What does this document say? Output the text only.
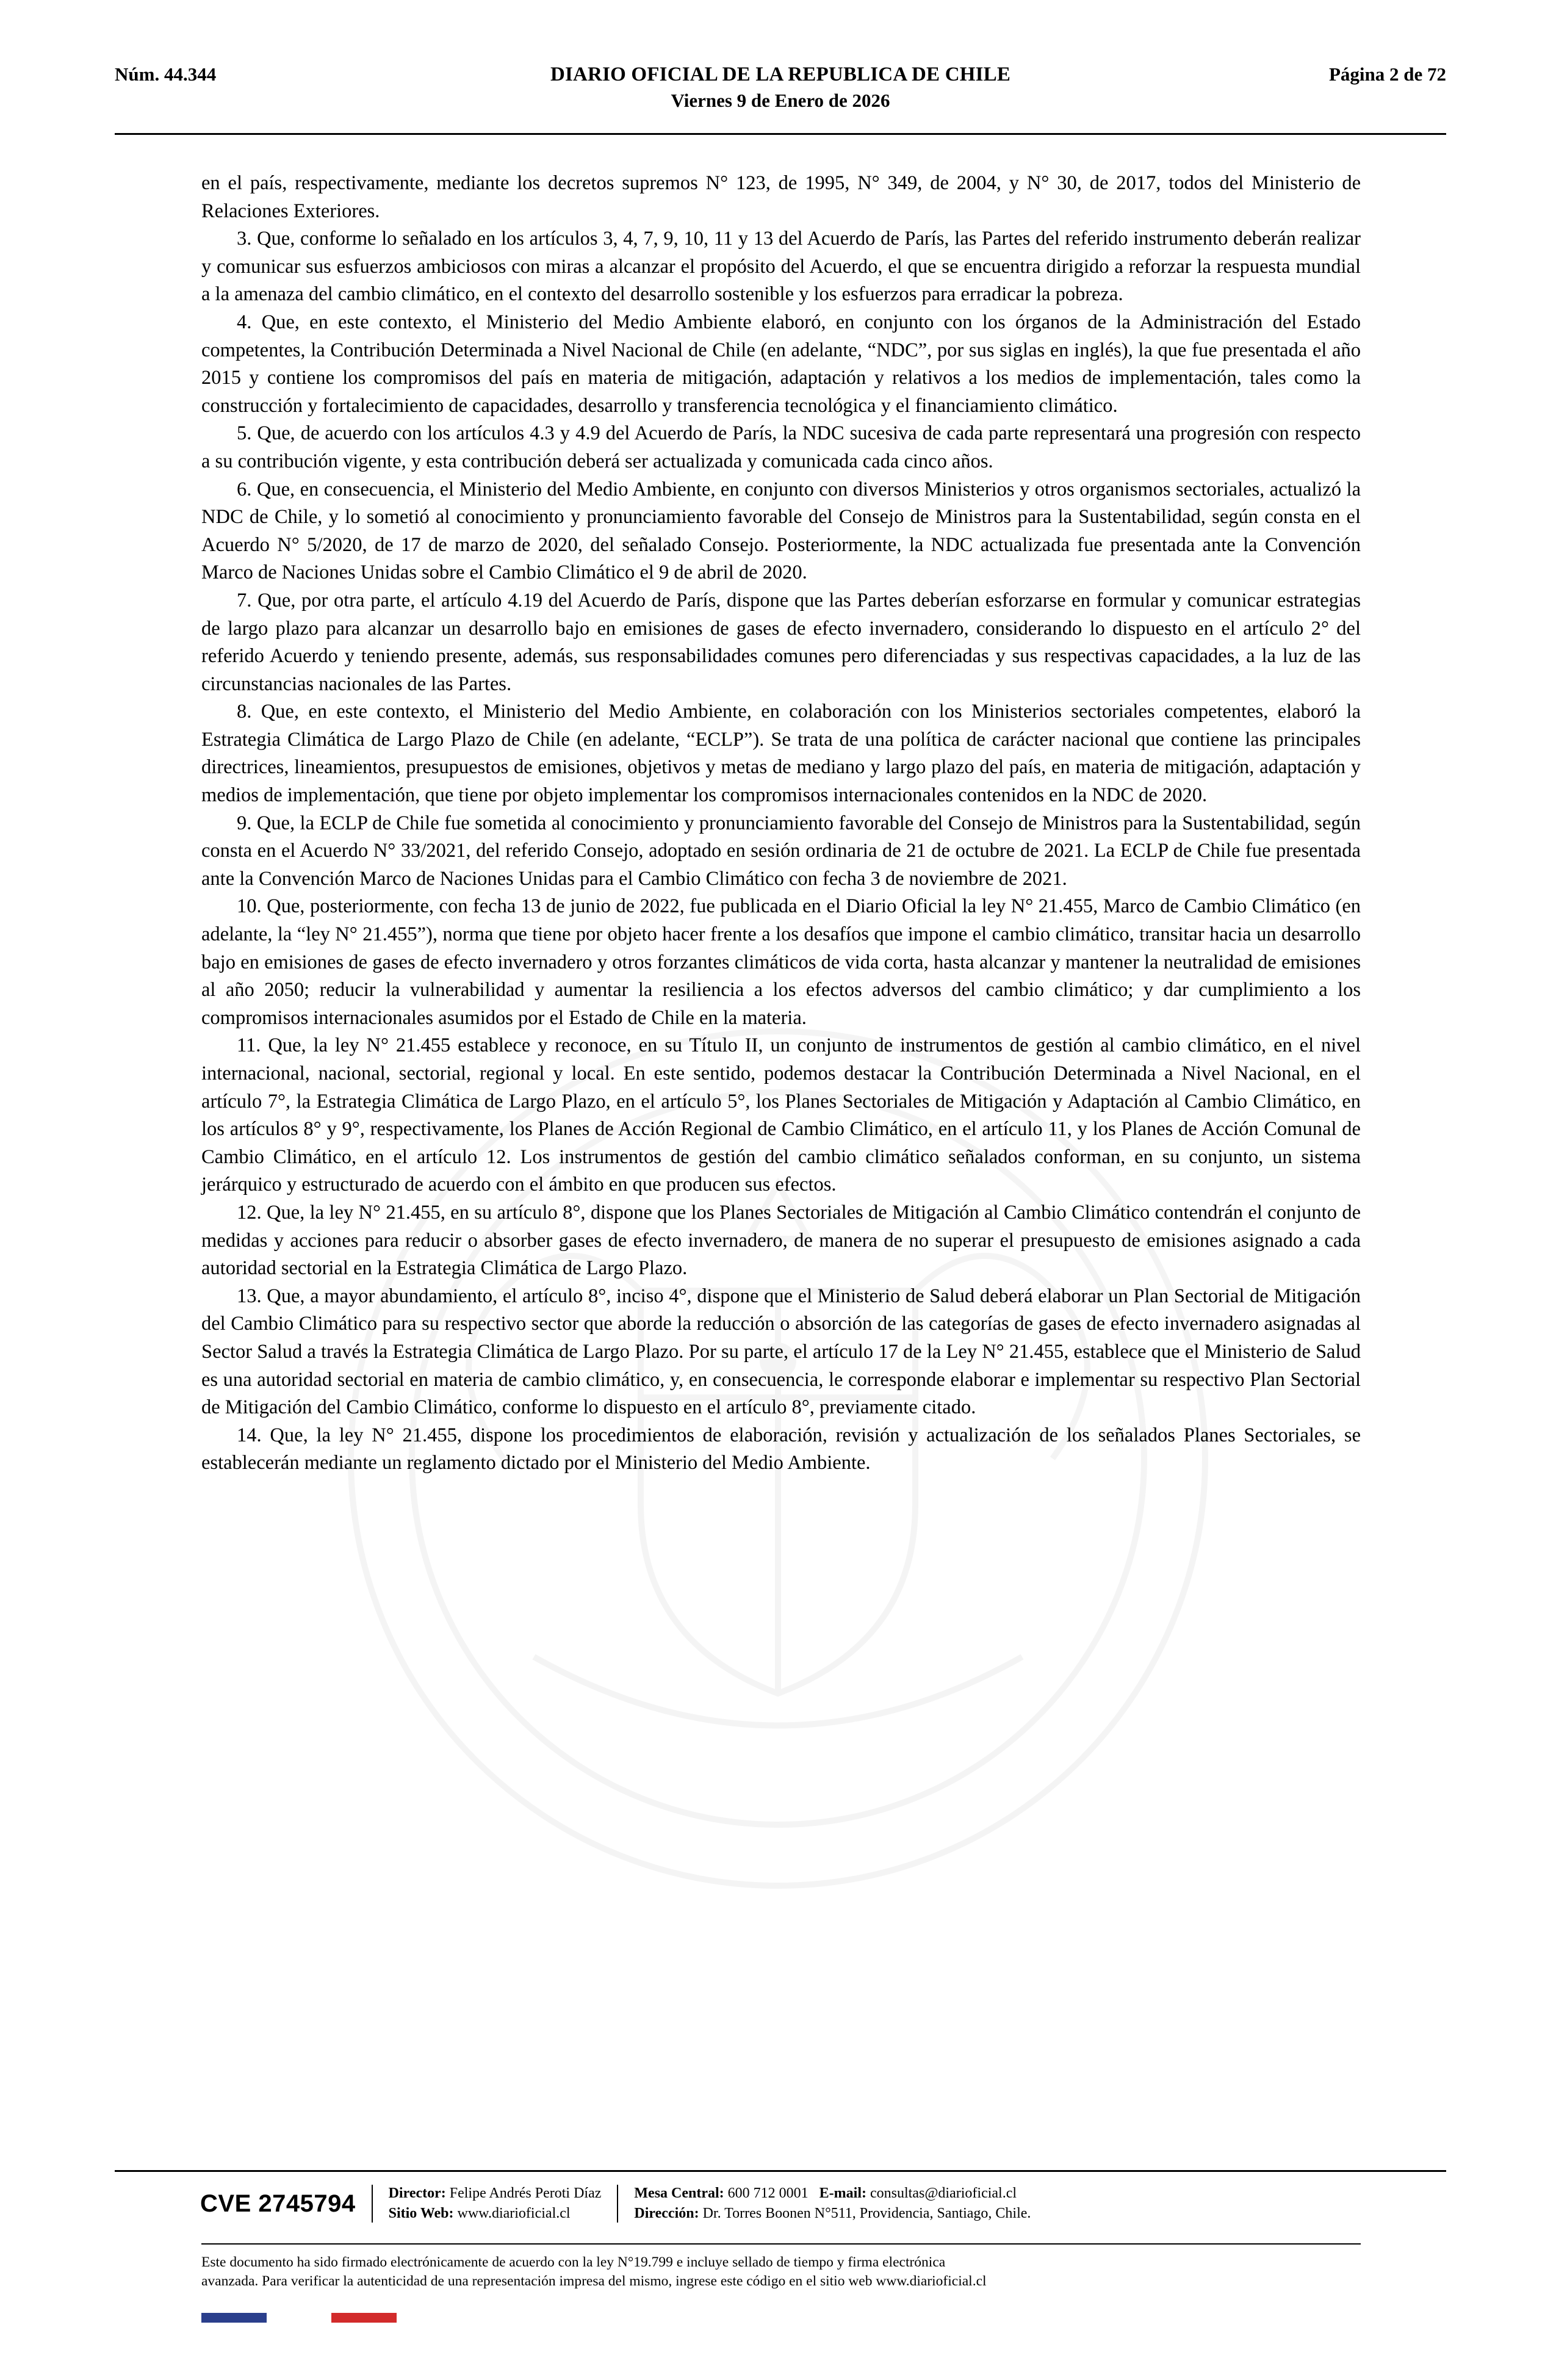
Núm. 44.344	DIARIO OFICIAL DE LA REPUBLICA DE CHILE
Viernes 9 de Enero de 2026
Página 2 de 72

en el país, respectivamente, mediante los decretos supremos N° 123, de 1995, N° 349, de 2004, y N° 30, de 2017, todos del Ministerio de Relaciones Exteriores.

3. Que, conforme lo señalado en los artículos 3, 4, 7, 9, 10, 11 y 13 del Acuerdo de París, las Partes del referido instrumento deberán realizar y comunicar sus esfuerzos ambiciosos con miras a alcanzar el propósito del Acuerdo, el que se encuentra dirigido a reforzar la respuesta mundial a la amenaza del cambio climático, en el contexto del desarrollo sostenible y los esfuerzos para erradicar la pobreza.

4. Que, en este contexto, el Ministerio del Medio Ambiente elaboró, en conjunto con los órganos de la Administración del Estado competentes, la Contribución Determinada a Nivel Nacional de Chile (en adelante, “NDC”, por sus siglas en inglés), la que fue presentada el año 2015 y contiene los compromisos del país en materia de mitigación, adaptación y relativos a los medios de implementación, tales como la construcción y fortalecimiento de capacidades, desarrollo y transferencia tecnológica y el financiamiento climático.

5. Que, de acuerdo con los artículos 4.3 y 4.9 del Acuerdo de París, la NDC sucesiva de cada parte representará una progresión con respecto a su contribución vigente, y esta contribución deberá ser actualizada y comunicada cada cinco años.

6. Que, en consecuencia, el Ministerio del Medio Ambiente, en conjunto con diversos Ministerios y otros organismos sectoriales, actualizó la NDC de Chile, y lo sometió al conocimiento y pronunciamiento favorable del Consejo de Ministros para la Sustentabilidad, según consta en el Acuerdo N° 5/2020, de 17 de marzo de 2020, del señalado Consejo. Posteriormente, la NDC actualizada fue presentada ante la Convención Marco de Naciones Unidas sobre el Cambio Climático el 9 de abril de 2020.

7. Que, por otra parte, el artículo 4.19 del Acuerdo de París, dispone que las Partes deberían esforzarse en formular y comunicar estrategias de largo plazo para alcanzar un desarrollo bajo en emisiones de gases de efecto invernadero, considerando lo dispuesto en el artículo 2° del referido Acuerdo y teniendo presente, además, sus responsabilidades comunes pero diferenciadas y sus respectivas capacidades, a la luz de las circunstancias nacionales de las Partes.

8. Que, en este contexto, el Ministerio del Medio Ambiente, en colaboración con los Ministerios sectoriales competentes, elaboró la Estrategia Climática de Largo Plazo de Chile (en adelante, “ECLP”). Se trata de una política de carácter nacional que contiene las principales directrices, lineamientos, presupuestos de emisiones, objetivos y metas de mediano y largo plazo del país, en materia de mitigación, adaptación y medios de implementación, que tiene por objeto implementar los compromisos internacionales contenidos en la NDC de 2020.

9. Que, la ECLP de Chile fue sometida al conocimiento y pronunciamiento favorable del Consejo de Ministros para la Sustentabilidad, según consta en el Acuerdo N° 33/2021, del referido Consejo, adoptado en sesión ordinaria de 21 de octubre de 2021. La ECLP de Chile fue presentada ante la Convención Marco de Naciones Unidas para el Cambio Climático con fecha 3 de noviembre de 2021.

10. Que, posteriormente, con fecha 13 de junio de 2022, fue publicada en el Diario Oficial la ley N° 21.455, Marco de Cambio Climático (en adelante, la “ley N° 21.455”), norma que tiene por objeto hacer frente a los desafíos que impone el cambio climático, transitar hacia un desarrollo bajo en emisiones de gases de efecto invernadero y otros forzantes climáticos de vida corta, hasta alcanzar y mantener la neutralidad de emisiones al año 2050; reducir la vulnerabilidad y aumentar la resiliencia a los efectos adversos del cambio climático; y dar cumplimiento a los compromisos internacionales asumidos por el Estado de Chile en la materia.

11. Que, la ley N° 21.455 establece y reconoce, en su Título II, un conjunto de instrumentos de gestión al cambio climático, en el nivel internacional, nacional, sectorial, regional y local. En este sentido, podemos destacar la Contribución Determinada a Nivel Nacional, en el artículo 7°, la Estrategia Climática de Largo Plazo, en el artículo 5°, los Planes Sectoriales de Mitigación y Adaptación al Cambio Climático, en los artículos 8° y 9°, respectivamente, los Planes de Acción Regional de Cambio Climático, en el artículo 11, y los Planes de Acción Comunal de Cambio Climático, en el artículo 12. Los instrumentos de gestión del cambio climático señalados conforman, en su conjunto, un sistema jerárquico y estructurado de acuerdo con el ámbito en que producen sus efectos.

12. Que, la ley N° 21.455, en su artículo 8°, dispone que los Planes Sectoriales de Mitigación al Cambio Climático contendrán el conjunto de medidas y acciones para reducir o absorber gases de efecto invernadero, de manera de no superar el presupuesto de emisiones asignado a cada autoridad sectorial en la Estrategia Climática de Largo Plazo.

13. Que, a mayor abundamiento, el artículo 8°, inciso 4°, dispone que el Ministerio de Salud deberá elaborar un Plan Sectorial de Mitigación del Cambio Climático para su respectivo sector que aborde la reducción o absorción de las categorías de gases de efecto invernadero asignadas al Sector Salud a través la Estrategia Climática de Largo Plazo. Por su parte, el artículo 17 de la Ley N° 21.455, establece que el Ministerio de Salud es una autoridad sectorial en materia de cambio climático, y, en consecuencia, le corresponde elaborar e implementar su respectivo Plan Sectorial de Mitigación del Cambio Climático, conforme lo dispuesto en el artículo 8°, previamente citado.

14. Que, la ley N° 21.455, dispone los procedimientos de elaboración, revisión y actualización de los señalados Planes Sectoriales, se establecerán mediante un reglamento dictado por el Ministerio del Medio Ambiente.

CVE 2745794	Director: Felipe Andrés Peroti Díaz
Sitio Web: www.diarioficial.cl
Mesa Central: 600 712 0001 E-mail: consultas@diarioficial.cl
Dirección: Dr. Torres Boonen N°511, Providencia, Santiago, Chile.
Este documento ha sido firmado electrónicamente de acuerdo con la ley N°19.799 e incluye sellado de tiempo y firma electrónica
avanzada. Para verificar la autenticidad de una representación impresa del mismo, ingrese este código en el sitio web www.diarioficial.cl
